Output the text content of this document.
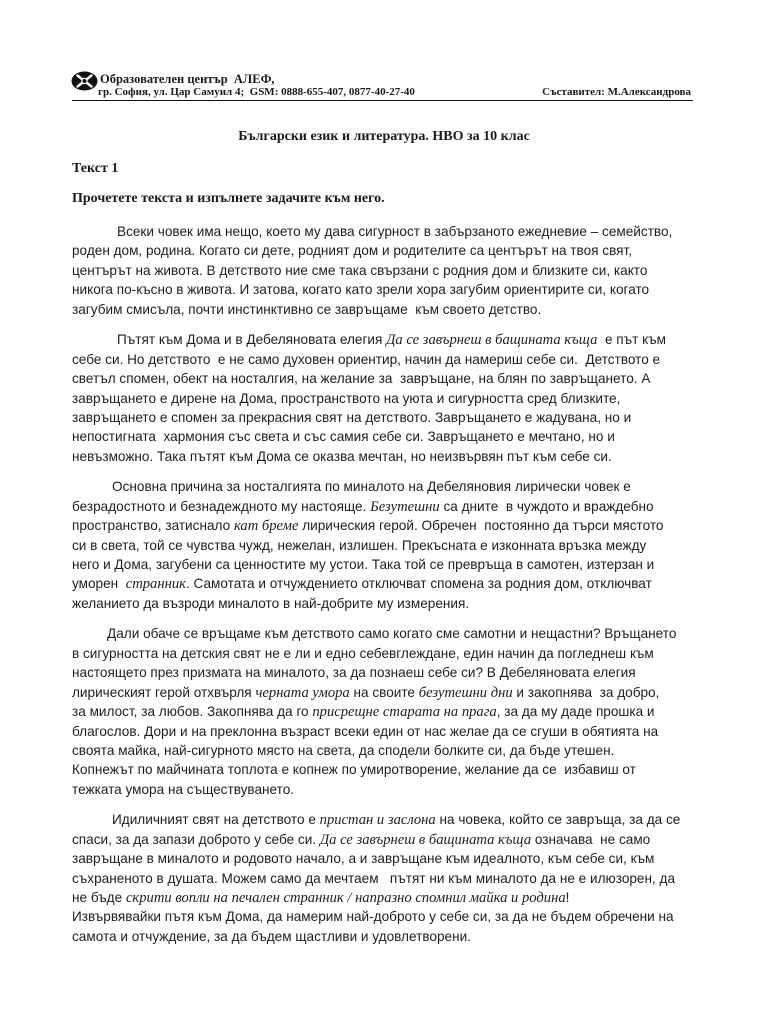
Образователен център  АЛЕФ,
гр. София, ул. Цар Самуил 4;  GSM: 0888-655-407, 0877-40-27-40	Съставител: М.Александрова
Български език и литература. НВО за 10 клас
Текст 1
Прочетете текста и изпълнете задачите към него.
Всеки човек има нещо, което му дава сигурност в забързаното ежедневие – семейство,
роден дом, родина. Когато си дете, родният дом и родителите са центърът на твоя свят,
центърът на живота. В детството ние сме така свързани с родния дом и близките си, както
никога по-късно в живота. И затова, когато като зрели хора загубим ориентирите си, когато
загубим смисъла, почти инстинктивно се завръщаме  към своето детство.
Пътят към Дома и в Дебеляновата елегия Да се завърнеш в бащината къща  е път към
себе си. Но детството  е не само духовен ориентир, начин да намериш себе си.  Детството е
светъл спомен, обект на носталгия, на желание за  завръщане, на блян по завръщането. А
завръщането е дирене на Дома, пространството на уюта и сигурността сред близките,
завръщането е спомен за прекрасния свят на детството. Завръщането е жадувана, но и
непостигната  хармония със света и със самия себе си. Завръщането е мечтано, но и
невъзможно. Така пътят към Дома се оказва мечтан, но неизвървян път към себе си.
Основна причина за носталгията по миналото на Дебеляновия лирически човек е
безрадостното и безнадеждното му настояще. Безутешни са дните  в чуждото и враждебно
пространство, затиснало кат бреме лирическия герой. Обречен  постоянно да търси мястото
си в света, той се чувства чужд, нежелан, излишен. Прекъсната е изконната връзка между
него и Дома, загубени са ценностите му устои. Така той се превръща в самотен, изтерзан и
уморен  странник. Самотата и отчуждението отключват спомена за родния дом, отключват
желанието да възроди миналото в най-добрите му измерения.
Дали обаче се връщаме към детството само когато сме самотни и нещастни? Връщането
в сигурността на детския свят не е ли и едно себевглеждане, един начин да погледнеш към
настоящето през призмата на миналото, за да познаеш себе си? В Дебеляновата елегия
лирическият герой отхвърля черната умора на своите безутешни дни и закопнява  за добро,
за милост, за любов. Закопнява да го присрещне старата на прага, за да му даде прошка и
благослов. Дори и на преклонна възраст всеки един от нас желае да се сгуши в обятията на
своята майка, най-сигурното място на света, да сподели болките си, да бъде утешен.
Копнежът по майчината топлота е копнеж по умиротворение, желание да се  избавиш от
тежката умора на съществуването.
Идиличният свят на детството е пристан и заслона на човека, който се завръща, за да се
спаси, за да запази доброто у себе си. Да се завърнеш в бащината къща означава  не само
завръщане в миналото и родовото начало, а и завръщане към идеалното, към себе си, към
съхраненото в душата. Можем само да мечтаем   пътят ни към миналото да не е илюзорен, да
не бъде скрити вопли на печален странник / напразно спомнил майка и родина!
Извървявайки пътя към Дома, да намерим най-доброто у себе си, за да не бъдем обречени на
самота и отчуждение, за да бъдем щастливи и удовлетворени.
